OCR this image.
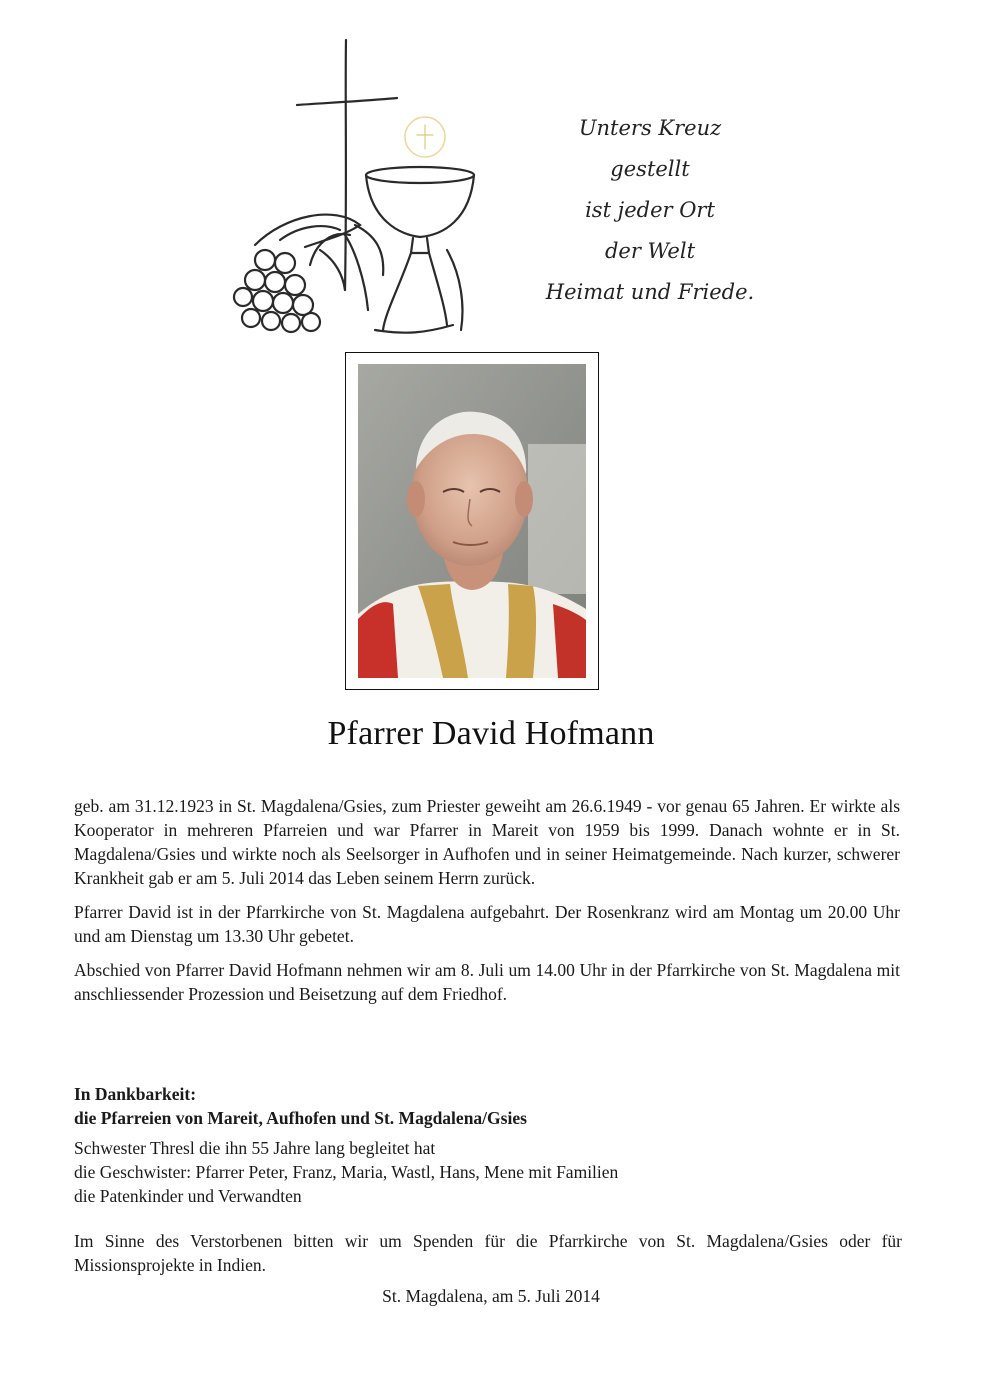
Unters Kreuz
gestellt
ist jeder Ort
der Welt
Heimat und Friede.
Pfarrer David Hofmann

geb. am 31.12.1923 in St. Magdalena/Gsies, zum Priester geweiht am 26.6.1949 - vor genau 65 Jahren. Er wirkte als Kooperator in mehreren Pfarreien und war Pfarrer in Mareit von 1959 bis 1999. Danach wohnte er in St. Magdalena/Gsies und wirkte noch als Seelsorger in Aufhofen und in seiner Heimatgemeinde. Nach kurzer, schwerer Krankheit gab er am 5. Juli 2014 das Leben seinem Herrn zurück.

Pfarrer David ist in der Pfarrkirche von St. Magdalena aufgebahrt. Der Rosenkranz wird am Montag um 20.00 Uhr und am Dienstag um 13.30 Uhr gebetet.

Abschied von Pfarrer David Hofmann nehmen wir am 8. Juli um 14.00 Uhr in der Pfarrkirche von St. Magdalena mit anschliessender Prozession und Beisetzung auf dem Friedhof.

In Dankbarkeit:
die Pfarreien von Mareit, Aufhofen und St. Magdalena/Gsies
Schwester Thresl die ihn 55 Jahre lang begleitet hat
die Geschwister: Pfarrer Peter, Franz, Maria, Wastl, Hans, Mene mit Familien
die Patenkinder und Verwandten
Im Sinne des Verstorbenen bitten wir um Spenden für die Pfarrkirche von St. Magdalena/Gsies oder für Missionsprojekte in Indien.
St. Magdalena, am 5. Juli 2014
